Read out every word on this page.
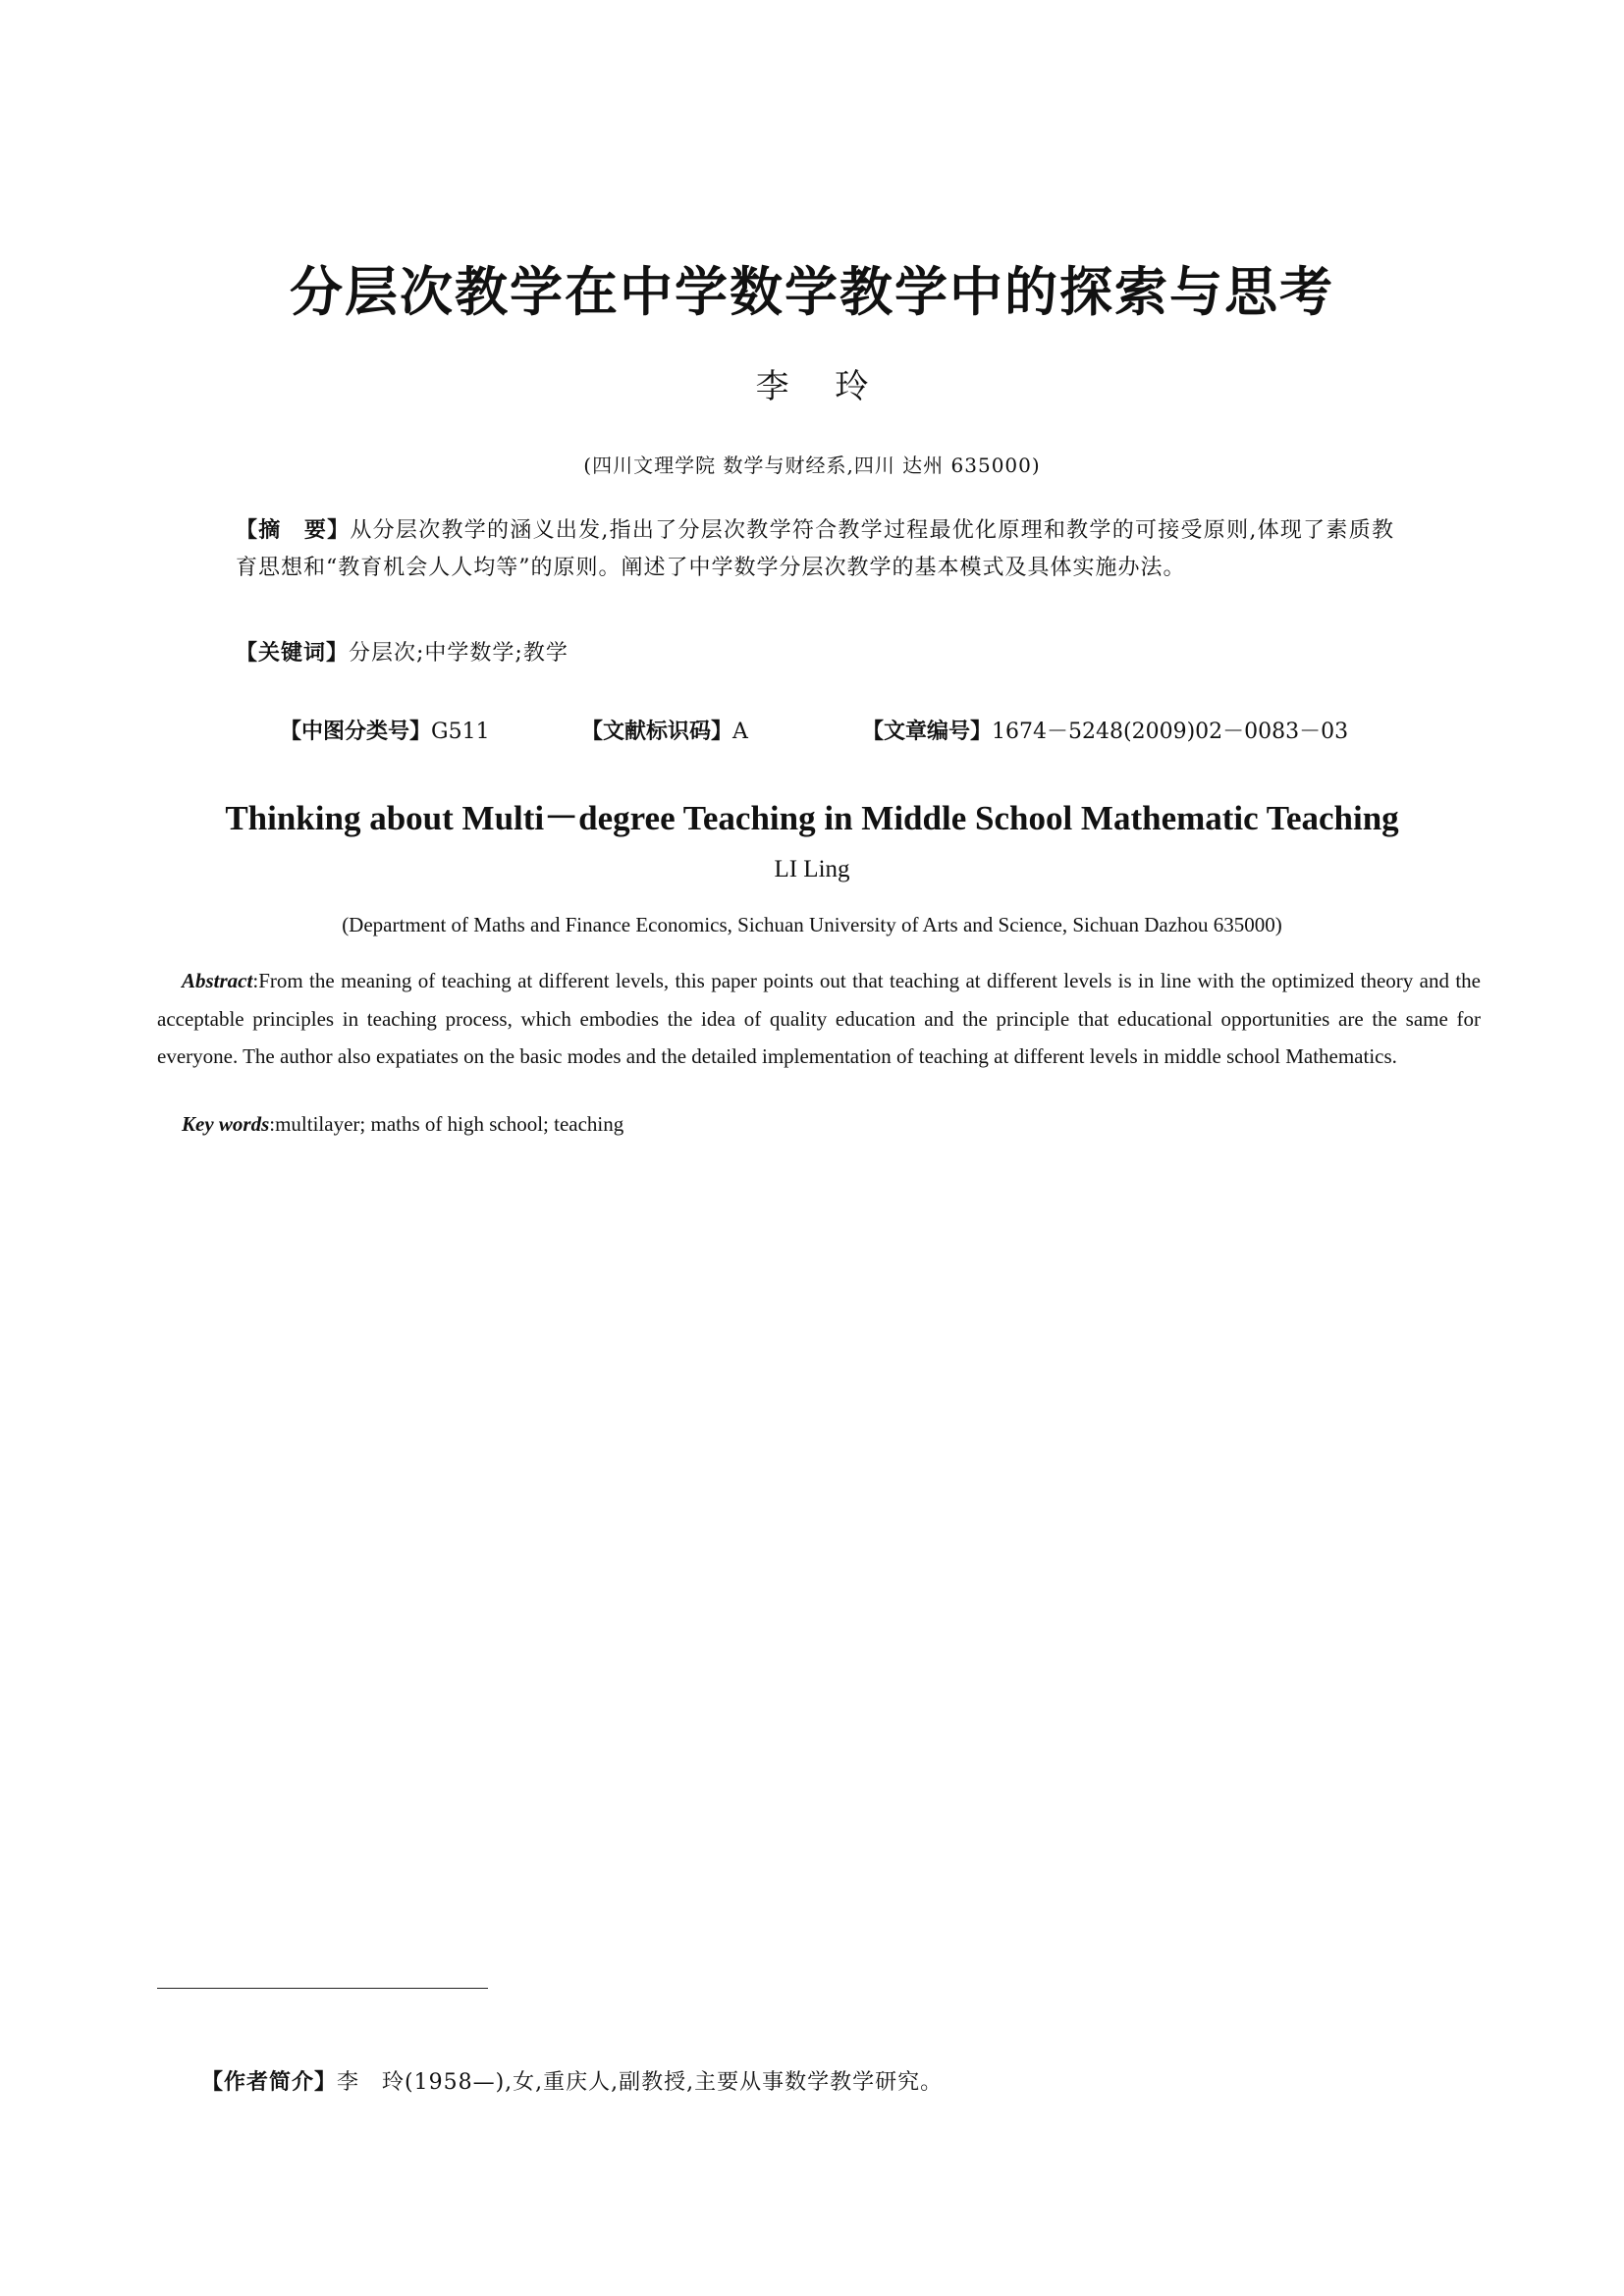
分层次教学在中学数学教学中的探索与思考
李 玲
(四川文理学院 数学与财经系,四川 达州 635000)
【摘　要】从分层次教学的涵义出发,指出了分层次教学符合教学过程最优化原理和教学的可接受原则,体现了素质教育思想和“教育机会人人均等”的原则。阐述了中学数学分层次教学的基本模式及具体实施办法。
【关键词】分层次;中学数学;教学
【中图分类号】G511	【文献标识码】A	【文章编号】1674－5248(2009)02－0083－03
Thinking about Multi－degree Teaching in Middle School Mathematic Teaching
LI Ling
(Department of Maths and Finance Economics, Sichuan University of Arts and Science, Sichuan Dazhou 635000)
Abstract:From the meaning of teaching at different levels, this paper points out that teaching at different levels is in line with the optimized theory and the acceptable principles in teaching process, which embodies the idea of quality education and the principle that educational opportunities are the same for everyone. The author also expatiates on the basic modes and the detailed implementation of teaching at different levels in middle school Mathematics.
Key words:multilayer; maths of high school; teaching
【作者简介】李　玲(1958—),女,重庆人,副教授,主要从事数学教学研究。
